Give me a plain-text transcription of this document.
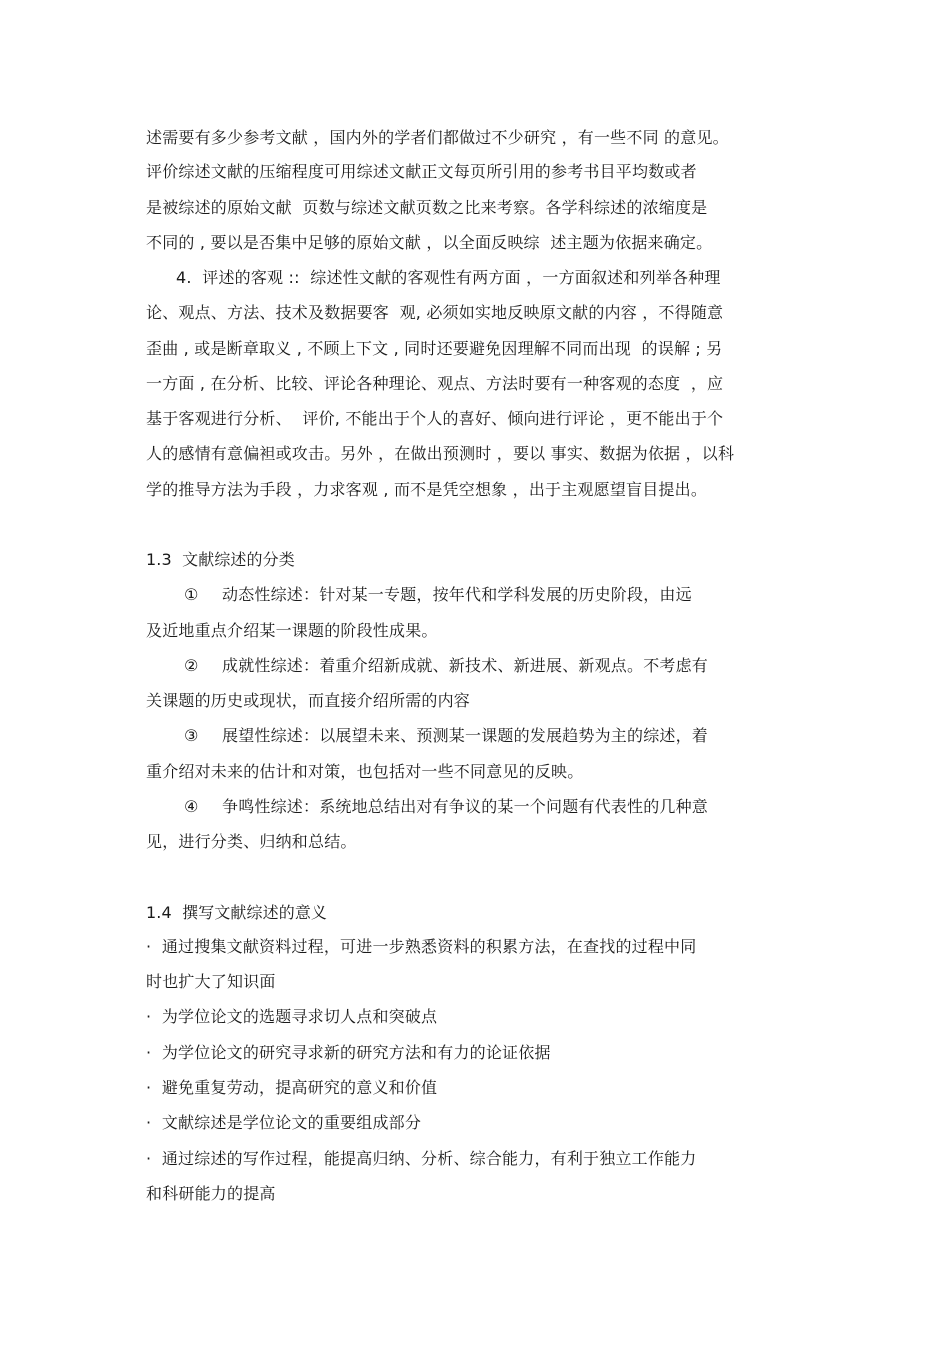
述需要有多少参考文献 ，国内外的学者们都做过不少研究 ，有一些不同 的意见。
评价综述文献的压缩程度可用综述文献正文每页所引用的参考书目平均数或者
是被综述的原始文献  页数与综述文献页数之比来考察。各学科综述的浓缩度是
不同的 , 要以是否集中足够的原始文献 ，以全面反映综  述主题为依据来确定。
4.  评述的客观 ::  综述性文献的客观性有两方面 ，一方面叙述和列举各种理
论、观点、方法、技术及数据要客  观, 必须如实地反映原文献的内容 ，不得随意
歪曲 , 或是断章取义 , 不顾上下文 , 同时还要避免因理解不同而出现  的误解 ; 另
一方面 , 在分析、比较、评论各种理论、观点、方法时要有一种客观的态度  ，应
基于客观进行分析、  评价, 不能出于个人的喜好、倾向进行评论 ，更不能出于个
人的感情有意偏袒或攻击。另外 ，在做出预测时 ，要以 事实、数据为依据 ，以科
学的推导方法为手段 ，力求客观 , 而不是凭空想象 ，出于主观愿望盲目提出。
1.3  文献综述的分类
① 动态性综述：针对某一专题，按年代和学科发展的历史阶段，由远
及近地重点介绍某一课题的阶段性成果。
② 成就性综述：着重介绍新成就、新技术、新进展、新观点。不考虑有
关课题的历史或现状，而直接介绍所需的内容
③ 展望性综述：以展望未来、预测某一课题的发展趋势为主的综述，着
重介绍对未来的估计和对策，也包括对一些不同意见的反映。
④ 争鸣性综述：系统地总结出对有争议的某一个问题有代表性的几种意
见，进行分类、归纳和总结。
1.4  撰写文献综述的意义
·  通过搜集文献资料过程，可进一步熟悉资料的积累方法，在查找的过程中同
时也扩大了知识面
·  为学位论文的选题寻求切人点和突破点
·  为学位论文的研究寻求新的研究方法和有力的论证依据
·  避免重复劳动，提高研究的意义和价值
·  文献综述是学位论文的重要组成部分
·  通过综述的写作过程，能提高归纳、分析、综合能力，有利于独立工作能力
和科研能力的提高
